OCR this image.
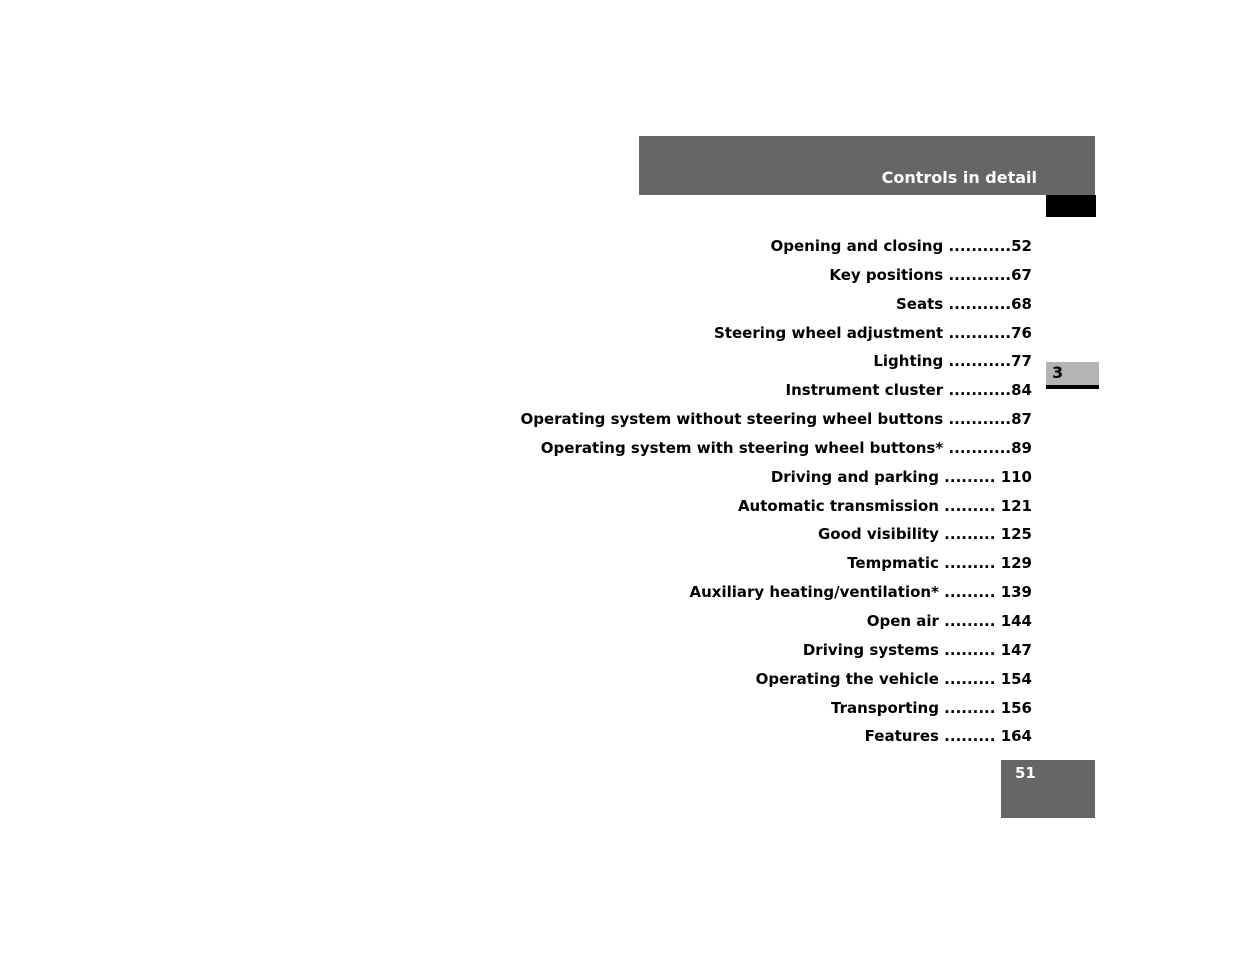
Controls in detail
3
Opening and closing ...........52
Key positions ...........67
Seats ...........68
Steering wheel adjustment ...........76
Lighting ...........77
Instrument cluster ...........84
Operating system without steering wheel buttons ...........87
Operating system with steering wheel buttons* ...........89
Driving and parking ......... 110
Automatic transmission ......... 121
Good visibility ......... 125
Tempmatic ......... 129
Auxiliary heating/ventilation* ......... 139
Open air ......... 144
Driving systems ......... 147
Operating the vehicle ......... 154
Transporting ......... 156
Features ......... 164
51
